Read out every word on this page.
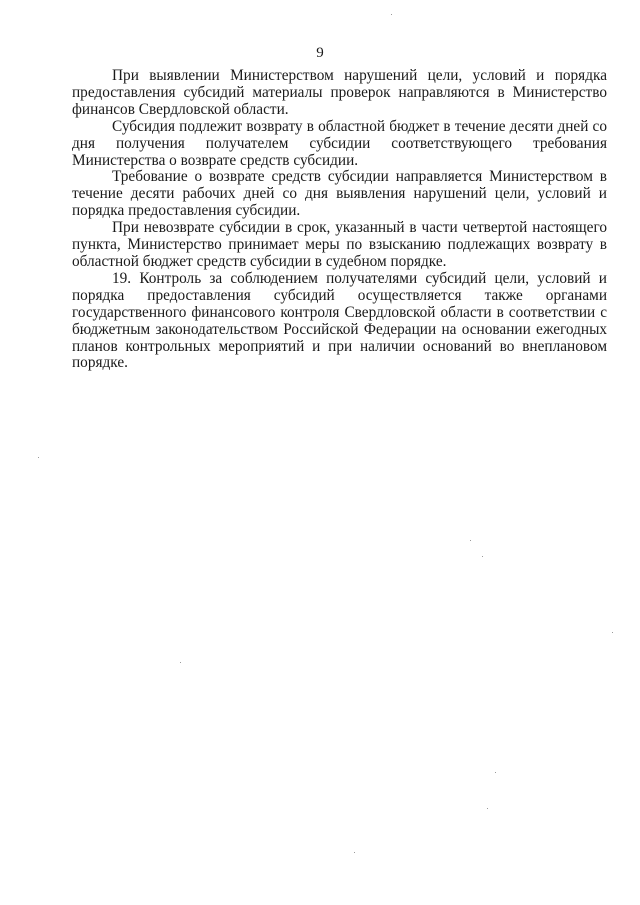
9

При выявлении Министерством нарушений цели, условий и порядка предоставления субсидий материалы проверок направляются в Министерство финансов Свердловской области.

Субсидия подлежит возврату в областной бюджет в течение десяти дней со дня получения получателем субсидии соответствующего требования Министерства о возврате средств субсидии.

Требование о возврате средств субсидии направляется Министерством в течение десяти рабочих дней со дня выявления нарушений цели, условий и порядка предоставления субсидии.

При невозврате субсидии в срок, указанный в части четвертой настоящего пункта, Министерство принимает меры по взысканию подлежащих возврату в областной бюджет средств субсидии в судебном порядке.

19. Контроль за соблюдением получателями субсидий цели, условий и порядка предоставления субсидий осуществляется также органами государственного финансового контроля Свердловской области в соответствии с бюджетным законодательством Российской Федерации на основании ежегодных планов контрольных мероприятий и при наличии оснований во внеплановом порядке.
